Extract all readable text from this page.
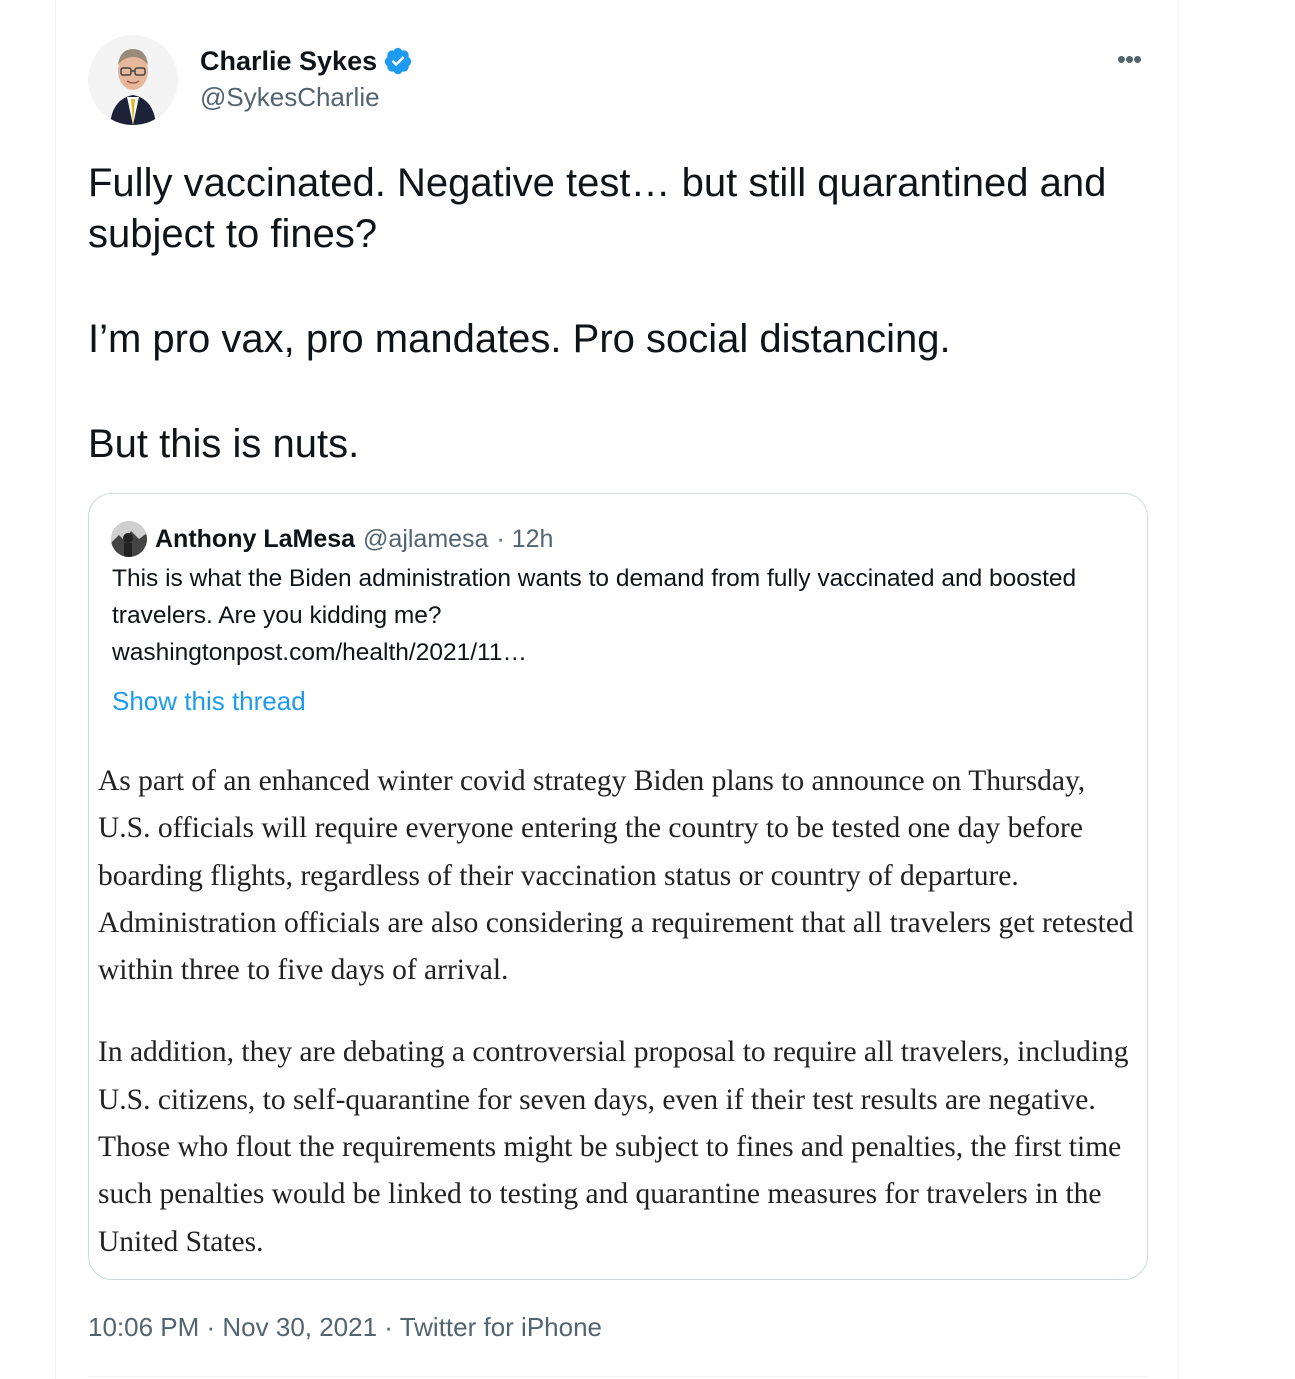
Charlie Sykes
@SykesCharlie
•••
Fully vaccinated. Negative test… but still quarantined and subject to fines?
I’m pro vax, pro mandates. Pro social distancing.
But this is nuts.
Anthony LaMesa @ajlamesa · 12h
This is what the Biden administration wants to demand from fully vaccinated and boosted travelers. Are you kidding me?
washingtonpost.com/health/2021/11…
Show this thread

As part of an enhanced winter covid strategy Biden plans to announce on Thursday, U.S. officials will require everyone entering the country to be tested one day before boarding flights, regardless of their vaccination status or country of departure. Administration officials are also considering a requirement that all travelers get retested within three to five days of arrival.

In addition, they are debating a controversial proposal to require all travelers, including U.S. citizens, to self-quarantine for seven days, even if their test results are negative. Those who flout the requirements might be subject to fines and penalties, the first time such penalties would be linked to testing and quarantine measures for travelers in the United States.

10:06 PM · Nov 30, 2021 · Twitter for iPhone
